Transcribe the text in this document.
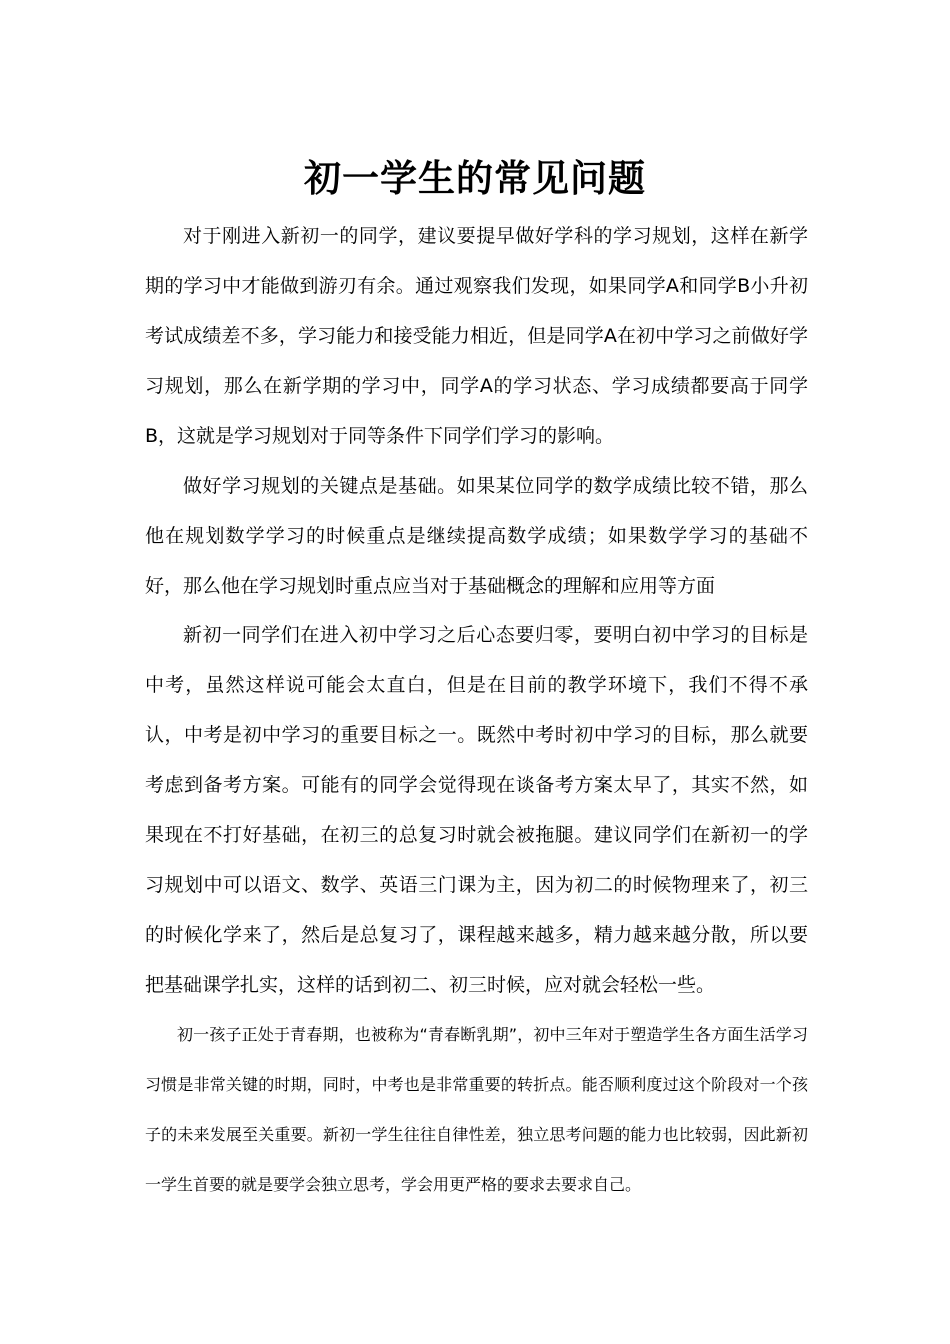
初一学生的常见问题

对于刚进入新初一的同学，建议要提早做好学科的学习规划，这样在新学期的学习中才能做到游刃有余。通过观察我们发现，如果同学A和同学B小升初考试成绩差不多，学习能力和接受能力相近，但是同学A在初中学习之前做好学习规划，那么在新学期的学习中，同学A的学习状态、学习成绩都要高于同学B，这就是学习规划对于同等条件下同学们学习的影响。

做好学习规划的关键点是基础。如果某位同学的数学成绩比较不错，那么他在规划数学学习的时候重点是继续提高数学成绩；如果数学学习的基础不好，那么他在学习规划时重点应当对于基础概念的理解和应用等方面

新初一同学们在进入初中学习之后心态要归零，要明白初中学习的目标是中考，虽然这样说可能会太直白，但是在目前的教学环境下，我们不得不承认，中考是初中学习的重要目标之一。既然中考时初中学习的目标，那么就要考虑到备考方案。可能有的同学会觉得现在谈备考方案太早了，其实不然，如果现在不打好基础，在初三的总复习时就会被拖腿。建议同学们在新初一的学习规划中可以语文、数学、英语三门课为主，因为初二的时候物理来了，初三的时候化学来了，然后是总复习了，课程越来越多，精力越来越分散，所以要把基础课学扎实，这样的话到初二、初三时候，应对就会轻松一些。

初一孩子正处于青春期，也被称为“青春断乳期”，初中三年对于塑造学生各方面生活学习习惯是非常关键的时期，同时，中考也是非常重要的转折点。能否顺利度过这个阶段对一个孩子的未来发展至关重要。新初一学生往往自律性差，独立思考问题的能力也比较弱，因此新初一学生首要的就是要学会独立思考，学会用更严格的要求去要求自己。
